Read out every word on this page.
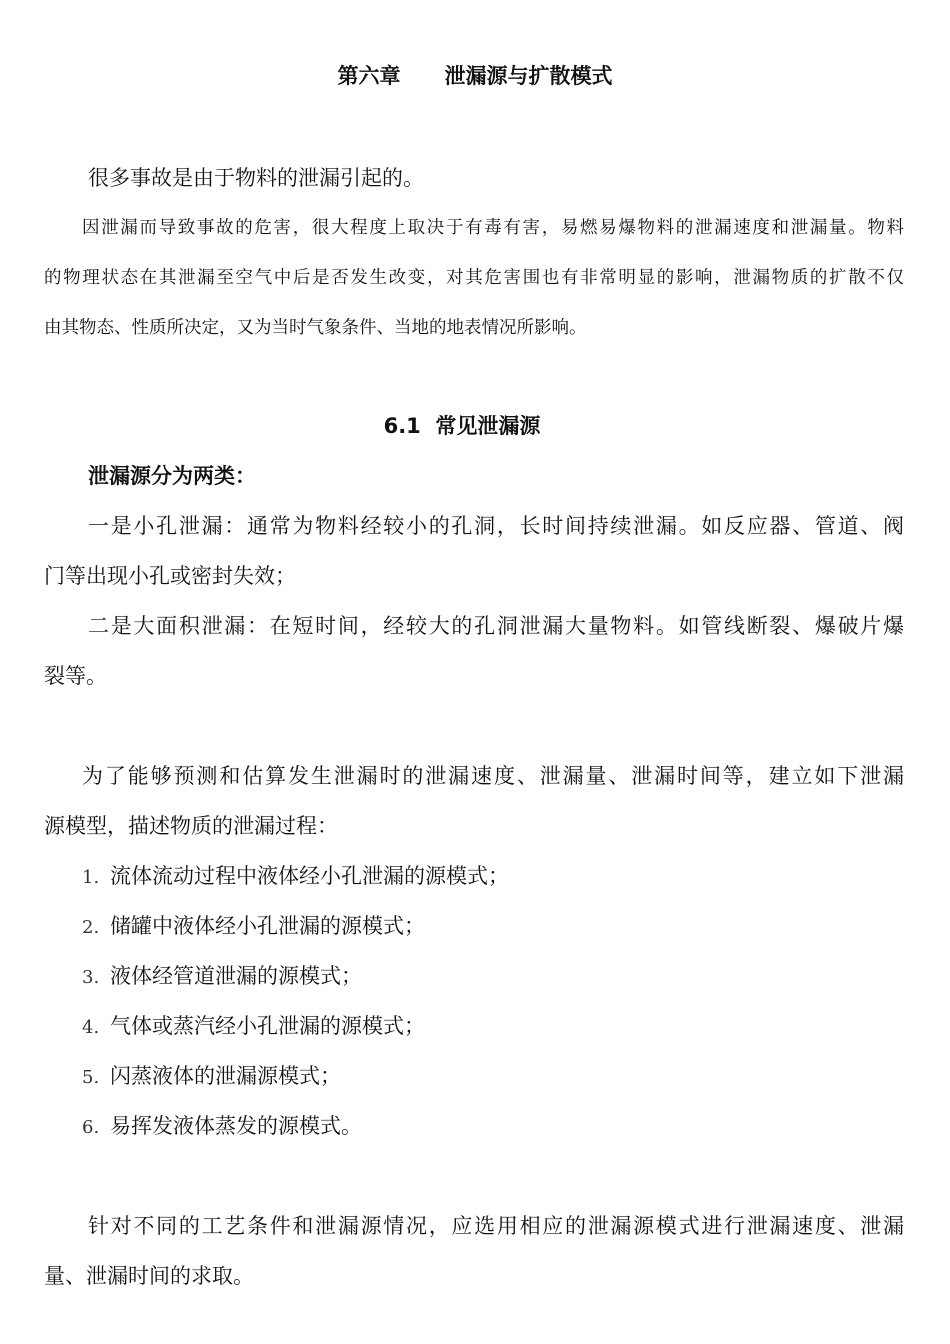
第六章 泄漏源与扩散模式
很多事故是由于物料的泄漏引起的。
因泄漏而导致事故的危害，很大程度上取决于有毒有害，易燃易爆物料的泄漏速度和泄漏量。物料
的物理状态在其泄漏至空气中后是否发生改变，对其危害围也有非常明显的影响，泄漏物质的扩散不仅
由其物态、性质所决定，又为当时气象条件、当地的地表情况所影响。
6.1 常见泄漏源
泄漏源分为两类：
一是小孔泄漏：通常为物料经较小的孔洞，长时间持续泄漏。如反应器、管道、阀
门等出现小孔或密封失效；
二是大面积泄漏：在短时间，经较大的孔洞泄漏大量物料。如管线断裂、爆破片爆
裂等。
为了能够预测和估算发生泄漏时的泄漏速度、泄漏量、泄漏时间等，建立如下泄漏
源模型，描述物质的泄漏过程：
1. 流体流动过程中液体经小孔泄漏的源模式；
2. 储罐中液体经小孔泄漏的源模式；
3. 液体经管道泄漏的源模式；
4. 气体或蒸汽经小孔泄漏的源模式；
5. 闪蒸液体的泄漏源模式；
6. 易挥发液体蒸发的源模式。
针对不同的工艺条件和泄漏源情况，应选用相应的泄漏源模式进行泄漏速度、泄漏
量、泄漏时间的求取。
